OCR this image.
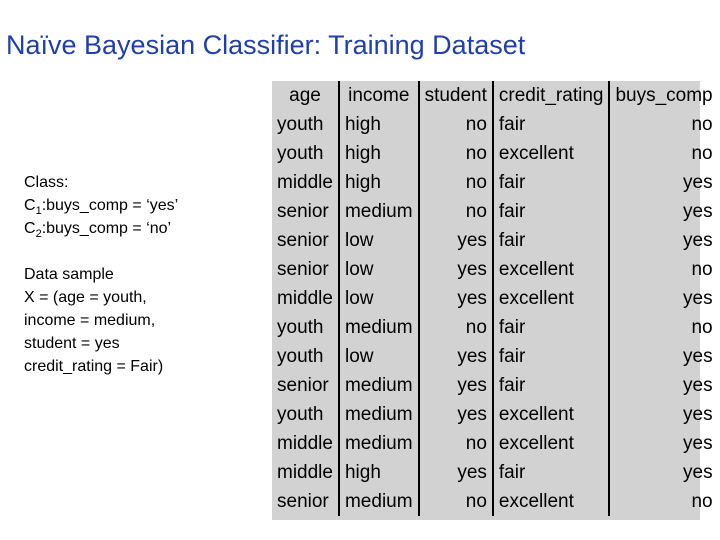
Naïve Bayesian Classifier: Training Dataset

Class:

$C_1:buys\_comp$ = ‘yes’

$C_2:buys\_comp$ = ‘no’

Data sample

X = (age = youth,

income = medium,

student = yes

credit_rating = Fair)

age	income	student	credit_rating	buys_comp
youth	high	no	fair	no
youth	high	no	excellent	no
middle	high	no	fair	yes
senior	medium	no	fair	yes
senior	low	yes	fair	yes
senior	low	yes	excellent	no
middle	low	yes	excellent	yes
youth	medium	no	fair	no
youth	low	yes	fair	yes
senior	medium	yes	fair	yes
youth	medium	yes	excellent	yes
middle	medium	no	excellent	yes
middle	high	yes	fair	yes
senior	medium	no	excellent	no
